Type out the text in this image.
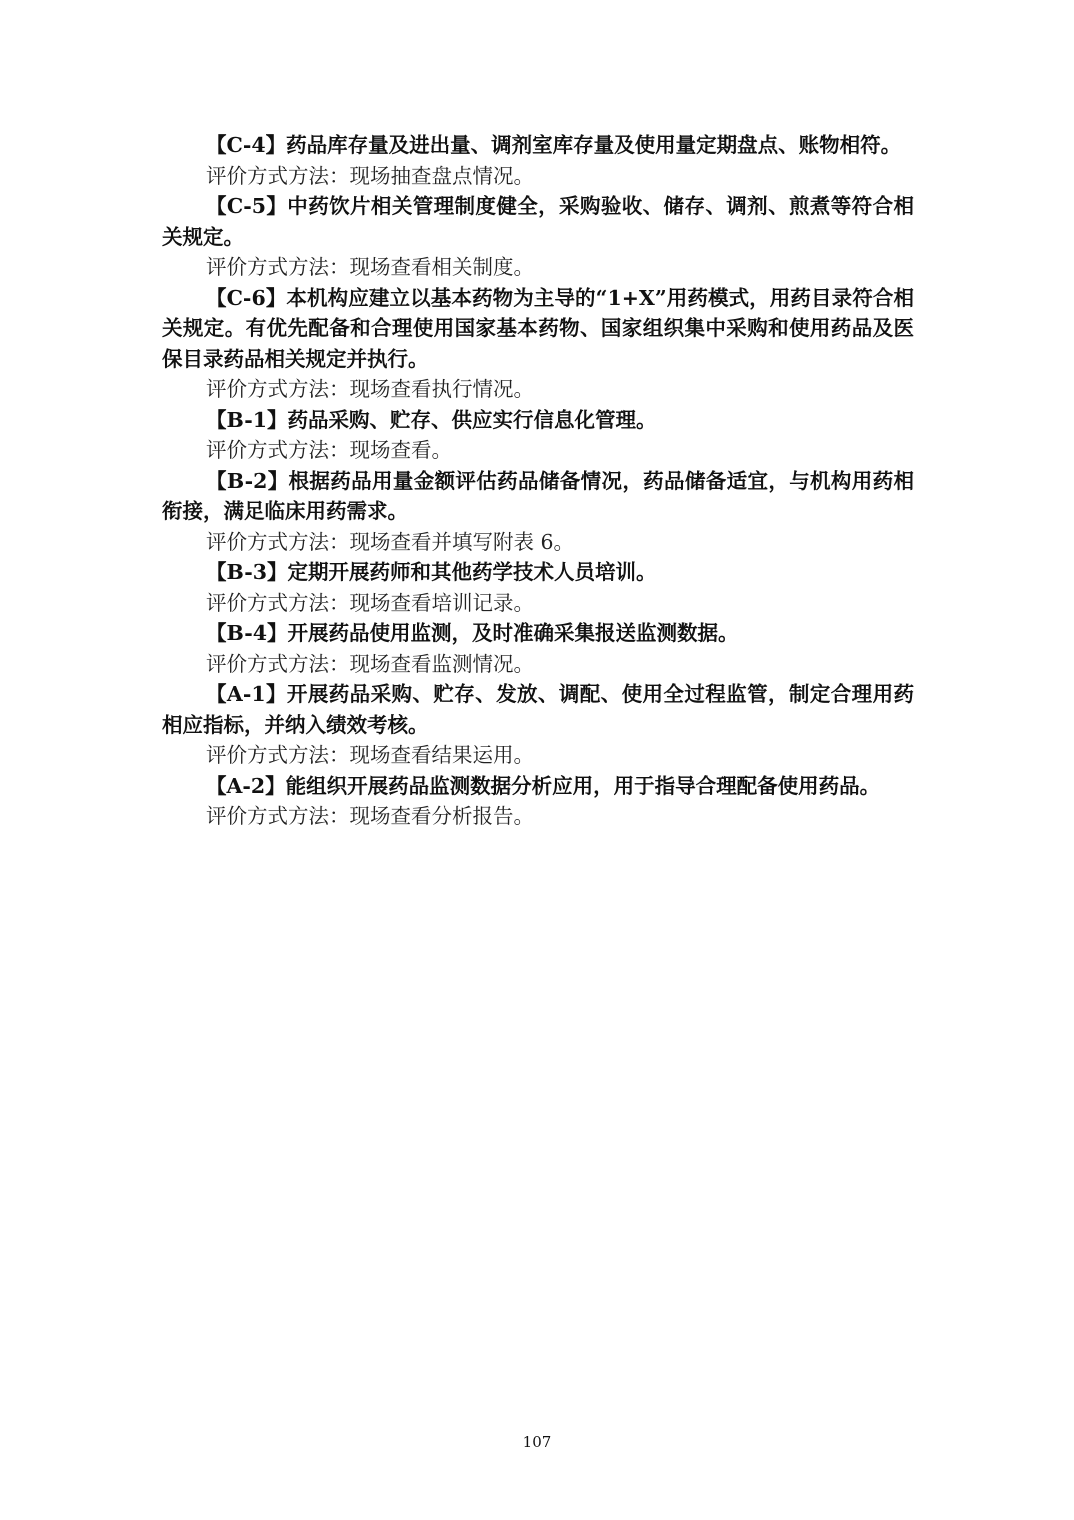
【C-4】药品库存量及进出量、调剂室库存量及使用量定期盘点、账物相符。

评价方式方法：现场抽查盘点情况。

【C-5】中药饮片相关管理制度健全，采购验收、储存、调剂、煎煮等符合相关规定。

评价方式方法：现场查看相关制度。

【C-6】本机构应建立以基本药物为主导的“1+X”用药模式，用药目录符合相关规定。有优先配备和合理使用国家基本药物、国家组织集中采购和使用药品及医保目录药品相关规定并执行。

评价方式方法：现场查看执行情况。

【B-1】药品采购、贮存、供应实行信息化管理。

评价方式方法：现场查看。

【B-2】根据药品用量金额评估药品储备情况，药品储备适宜，与机构用药相衔接，满足临床用药需求。

评价方式方法：现场查看并填写附表 6。

【B-3】定期开展药师和其他药学技术人员培训。

评价方式方法：现场查看培训记录。

【B-4】开展药品使用监测，及时准确采集报送监测数据。

评价方式方法：现场查看监测情况。

【A-1】开展药品采购、贮存、发放、调配、使用全过程监管，制定合理用药相应指标，并纳入绩效考核。

评价方式方法：现场查看结果运用。

【A-2】能组织开展药品监测数据分析应用，用于指导合理配备使用药品。

评价方式方法：现场查看分析报告。

107
